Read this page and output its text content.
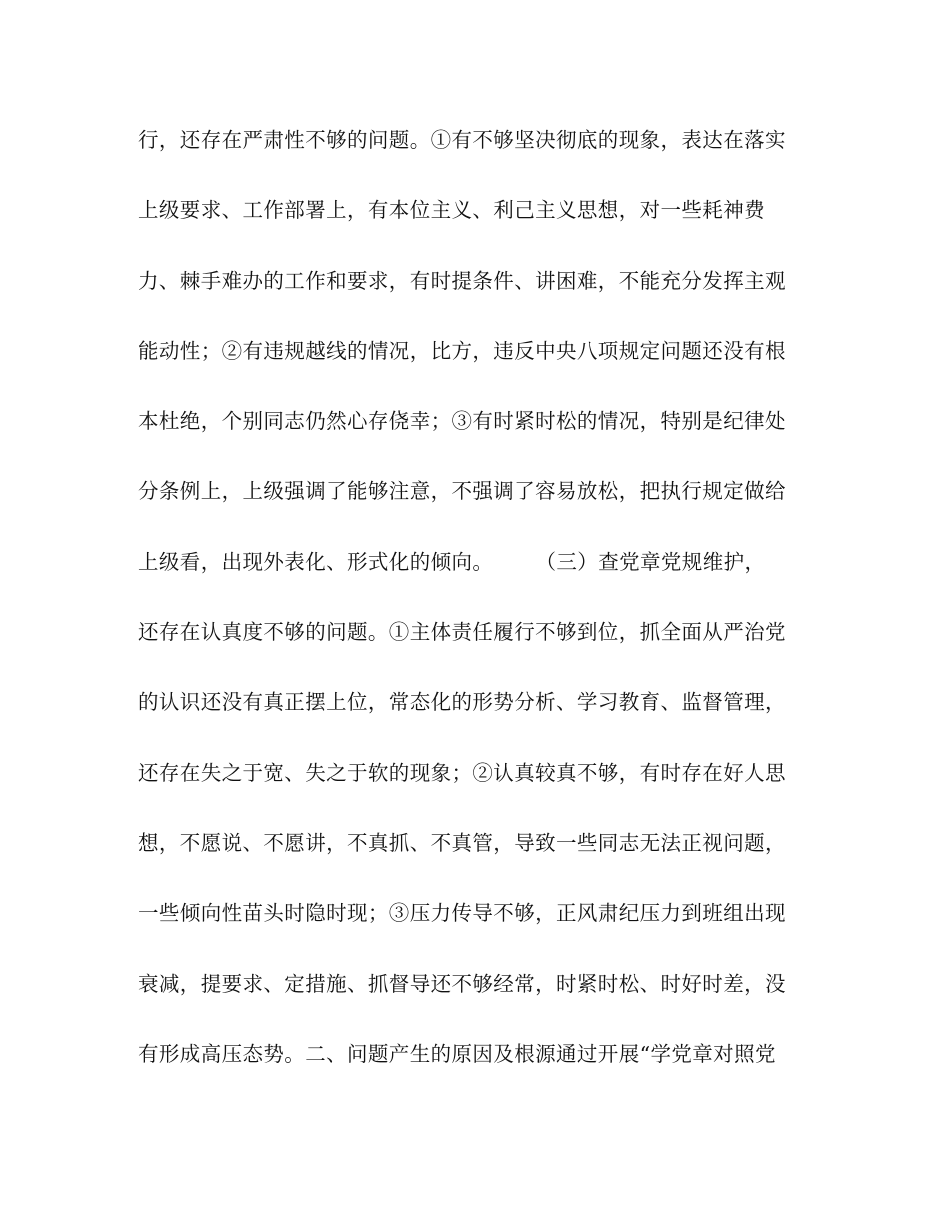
行，还存在严肃性不够的问题。①有不够坚决彻底的现象，表达在落实
上级要求、工作部署上，有本位主义、利己主义思想，对一些耗神费
力、棘手难办的工作和要求，有时提条件、讲困难，不能充分发挥主观
能动性；②有违规越线的情况，比方，违反中央八项规定问题还没有根
本杜绝，个别同志仍然心存侥幸；③有时紧时松的情况，特别是纪律处
分条例上，上级强调了能够注意，不强调了容易放松，把执行规定做给
上级看，出现外表化、形式化的倾向。　　　（三）查党章党规维护，
还存在认真度不够的问题。①主体责任履行不够到位，抓全面从严治党
的认识还没有真正摆上位，常态化的形势分析、学习教育、监督管理，
还存在失之于宽、失之于软的现象；②认真较真不够，有时存在好人思
想，不愿说、不愿讲，不真抓、不真管，导致一些同志无法正视问题，
一些倾向性苗头时隐时现；③压力传导不够，正风肃纪压力到班组出现
衰减，提要求、定措施、抓督导还不够经常，时紧时松、时好时差，没
有形成高压态势。二、问题产生的原因及根源通过开展“学党章对照党
